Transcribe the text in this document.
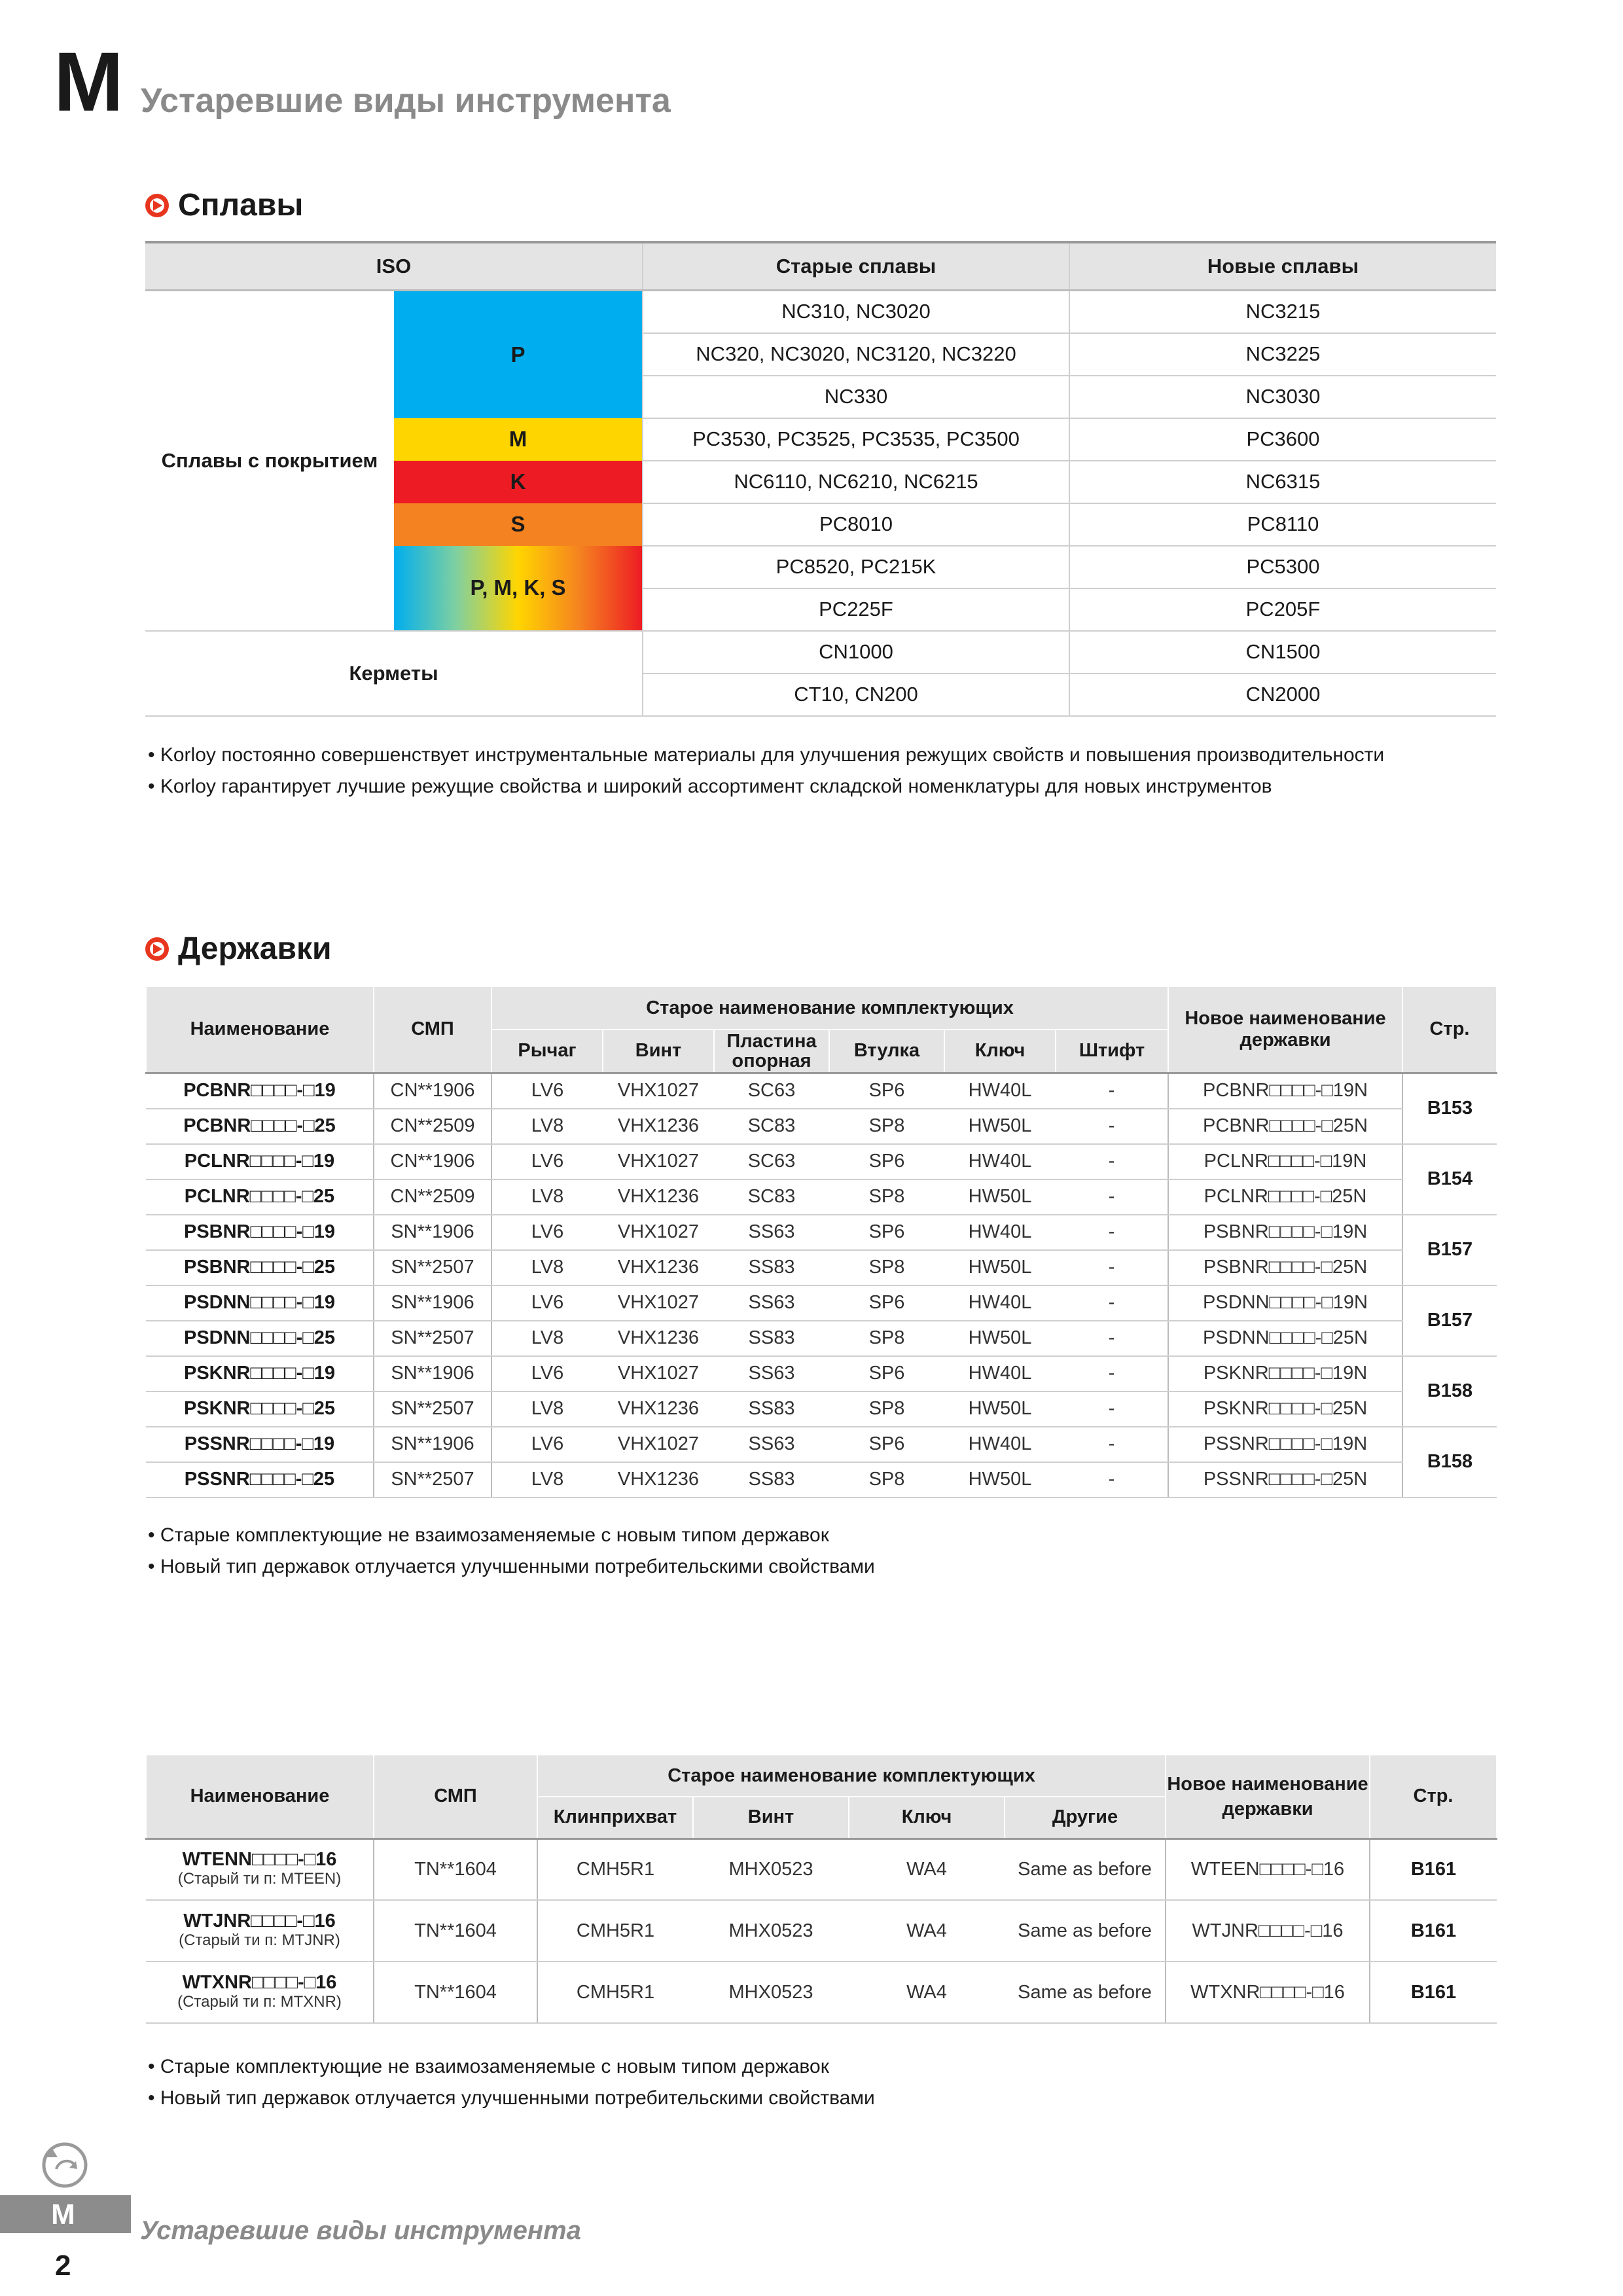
M Устаревшие виды инструмента
Сплавы
ISO		Старые сплавы	Новые сплавы
Сплавы с покрытием	P	NC310, NC3020	NC3215
		NC320, NC3020, NC3120, NC3220	NC3225
		NC330	NC3030
	M	PC3530, PC3525, PC3535, PC3500	PC3600
	K	NC6110, NC6210, NC6215	NC6315
	S	PC8010	PC8110
	P, M, K, S	PC8520, PC215K	PC5300
		PC225F	PC205F
Керметы		CN1000	CN1500
		CT10, CN200	CN2000
• Korloy постоянно совершенствует инструментальные материалы для улучшения режущих свойств и повышения производительности
• Korloy гарантирует лучшие режущие свойства и широкий ассортимент складской номенклатуры для новых инструментов
Державки
Наименование	СМП	Старое наименование комплектующих						Новое наименование державки	Стр.
		Рычаг	Винт	Пластина опорная	Втулка	Ключ	Штифт		
PCBNR□□□□-□19	CN**1906	LV6	VHX1027	SC63	SP6	HW40L	-	PCBNR□□□□-□19N	B153
PCBNR□□□□-□25	CN**2509	LV8	VHX1236	SC83	SP8	HW50L	-	PCBNR□□□□-□25N	
PCLNR□□□□-□19	CN**1906	LV6	VHX1027	SC63	SP6	HW40L	-	PCLNR□□□□-□19N	B154
PCLNR□□□□-□25	CN**2509	LV8	VHX1236	SC83	SP8	HW50L	-	PCLNR□□□□-□25N	
PSBNR□□□□-□19	SN**1906	LV6	VHX1027	SS63	SP6	HW40L	-	PSBNR□□□□-□19N	B157
PSBNR□□□□-□25	SN**2507	LV8	VHX1236	SS83	SP8	HW50L	-	PSBNR□□□□-□25N	
PSDNN□□□□-□19	SN**1906	LV6	VHX1027	SS63	SP6	HW40L	-	PSDNN□□□□-□19N	B157
PSDNN□□□□-□25	SN**2507	LV8	VHX1236	SS83	SP8	HW50L	-	PSDNN□□□□-□25N	
PSKNR□□□□-□19	SN**1906	LV6	VHX1027	SS63	SP6	HW40L	-	PSKNR□□□□-□19N	B158
PSKNR□□□□-□25	SN**2507	LV8	VHX1236	SS83	SP8	HW50L	-	PSKNR□□□□-□25N	
PSSNR□□□□-□19	SN**1906	LV6	VHX1027	SS63	SP6	HW40L	-	PSSNR□□□□-□19N	B158
PSSNR□□□□-□25	SN**2507	LV8	VHX1236	SS83	SP8	HW50L	-	PSSNR□□□□-□25N	
• Старые комплектующие не взаимозаменяемые с новым типом державок
• Новый тип державок отлучается улучшенными потребительскими свойствами
Наименование	СМП	Старое наименование комплектующих				Новое наименование державки	Стр.
		Клинприхват	Винт	Ключ	Другие		

WTENN□□□□-□16
(Старый ти п: MTEEN)	TN**1604	CMH5R1	MHX0523	WA4	Same as before	WTEEN□□□□-□16	B161

WTJNR□□□□-□16
(Старый ти п: MTJNR)	TN**1604	CMH5R1	MHX0523	WA4	Same as before	WTJNR□□□□-□16	B161

WTXNR□□□□-□16
(Старый ти п: MTXNR)	TN**1604	CMH5R1	MHX0523	WA4	Same as before	WTXNR□□□□-□16	B161
• Старые комплектующие не взаимозаменяемые с новым типом державок
• Новый тип державок отлучается улучшенными потребительскими свойствами
M Устаревшие виды инструмента
2
